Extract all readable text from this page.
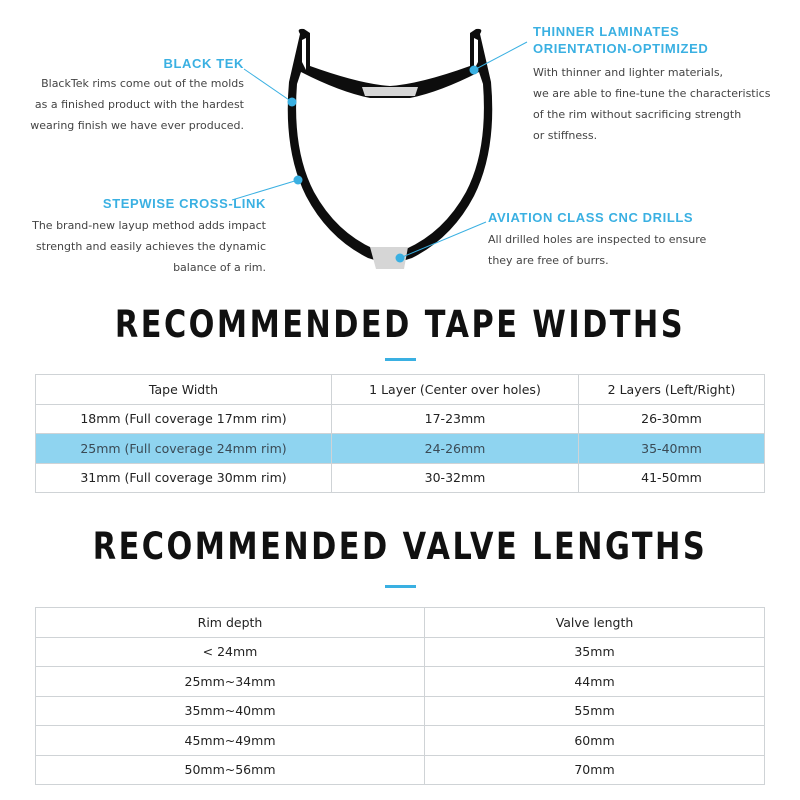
BLACK TEK
BlackTek rims come out of the molds
as a finished product with the hardest
wearing finish we have ever produced.
STEPWISE CROSS-LINK
The brand-new layup method adds impact
strength and easily achieves the dynamic
balance of a rim.
THINNER LAMINATES
ORIENTATION-OPTIMIZED
With thinner and lighter materials,
we are able to fine-tune the characteristics
of the rim without sacrificing strength
or stiffness.
AVIATION CLASS CNC DRILLS
All drilled holes are inspected to ensure
they are free of burrs.
RECOMMENDED TAPE WIDTHS
Tape Width	1 Layer (Center over holes)	2 Layers (Left/Right)
18mm (Full coverage 17mm rim)	17-23mm	26-30mm
25mm (Full coverage 24mm rim)	24-26mm	35-40mm
31mm (Full coverage 30mm rim)	30-32mm	41-50mm
RECOMMENDED VALVE LENGTHS
Rim depth	Valve length
< 24mm	35mm
25mm~34mm	44mm
35mm~40mm	55mm
45mm~49mm	60mm
50mm~56mm	70mm
